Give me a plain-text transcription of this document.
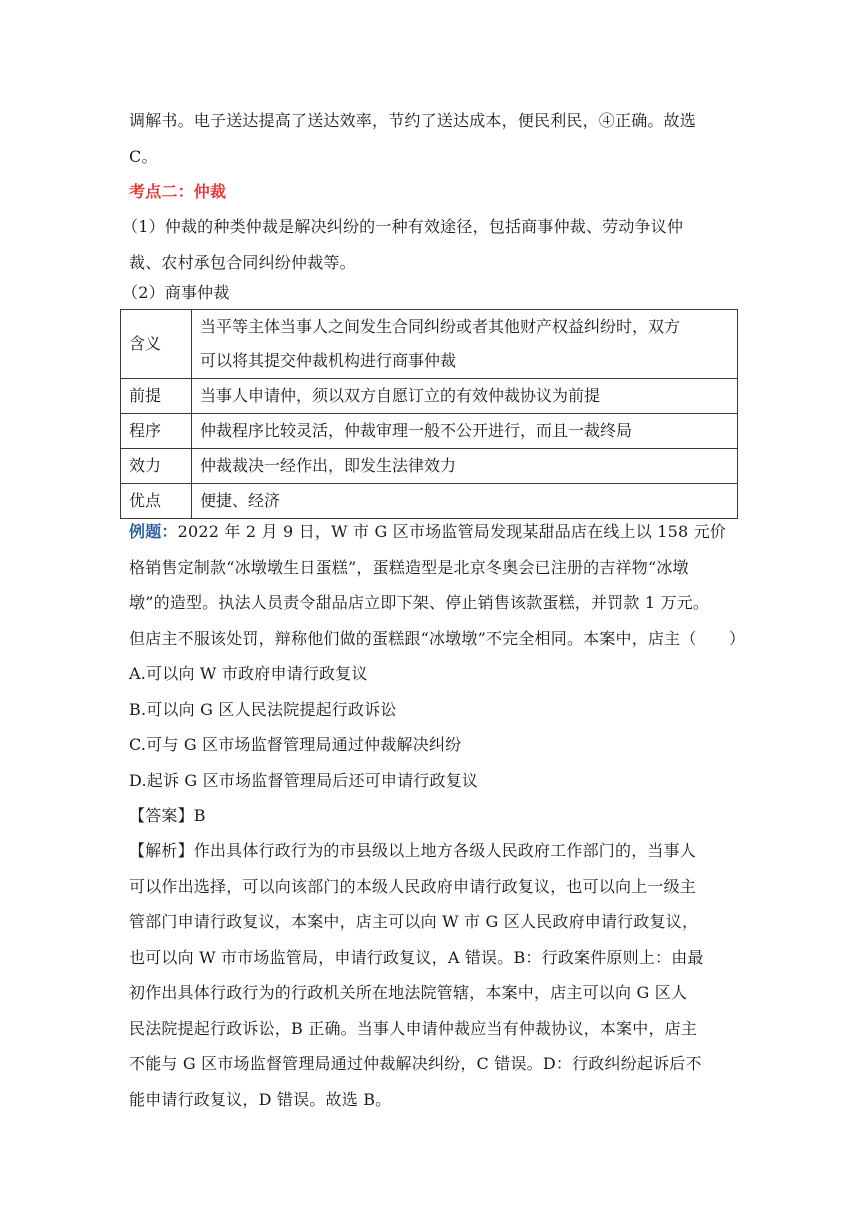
调解书。电子送达提高了送达效率，节约了送达成本，便民利民，④正确。故选
C。
考点二：仲裁
（1）仲裁的种类仲裁是解决纠纷的一种有效途径，包括商事仲裁、劳动争议仲
裁、农村承包合同纠纷仲裁等。
（2）商事仲裁
含义	当平等主体当事人之间发生合同纠纷或者其他财产权益纠纷时，双方
可以将其提交仲裁机构进行商事仲裁

前提	当事人申请仲，须以双方自愿订立的有效仲裁协议为前提
程序	仲裁程序比较灵活，仲裁审理一般不公开进行，而且一裁终局
效力	仲裁裁决一经作出，即发生法律效力
优点	便捷、经济
例题：2022 年 2 月 9 日，W 市 G 区市场监管局发现某甜品店在线上以 158 元价
格销售定制款“冰墩墩生日蛋糕”，蛋糕造型是北京冬奥会已注册的吉祥物“冰墩
墩”的造型。执法人员责令甜品店立即下架、停止销售该款蛋糕，并罚款 1 万元。
但店主不服该处罚，辩称他们做的蛋糕跟“冰墩墩”不完全相同。本案中，店主（　　）
A.可以向 W 市政府申请行政复议
B.可以向 G 区人民法院提起行政诉讼
C.可与 G 区市场监督管理局通过仲裁解决纠纷
D.起诉 G 区市场监督管理局后还可申请行政复议
【答案】B
【解析】作出具体行政行为的市县级以上地方各级人民政府工作部门的，当事人
可以作出选择，可以向该部门的本级人民政府申请行政复议，也可以向上一级主
管部门申请行政复议，本案中，店主可以向 W 市 G 区人民政府申请行政复议，
也可以向 W 市市场监管局，申请行政复议，A 错误。B：行政案件原则上：由最
初作出具体行政行为的行政机关所在地法院管辖，本案中，店主可以向 G 区人
民法院提起行政诉讼，B 正确。当事人申请仲裁应当有仲裁协议，本案中，店主
不能与 G 区市场监督管理局通过仲裁解决纠纷，C 错误。D：行政纠纷起诉后不
能申请行政复议，D 错误。故选 B。
